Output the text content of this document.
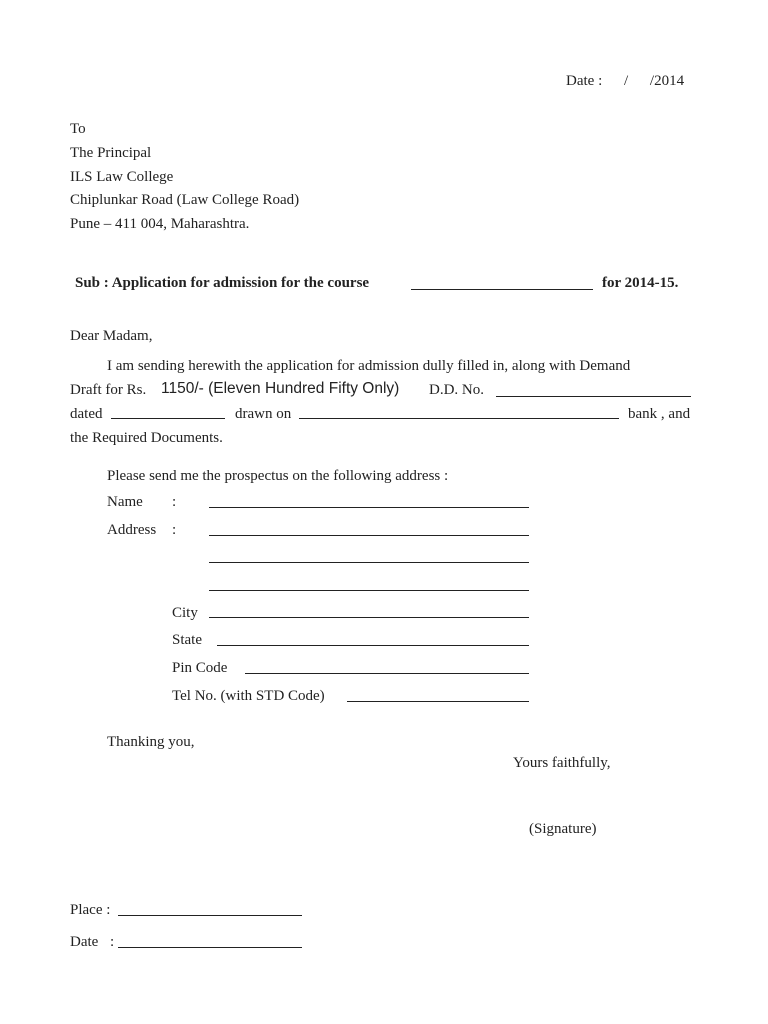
Date : / /2014
To
The Principal
ILS Law College
Chiplunkar Road (Law College Road)
Pune – 411 004, Maharashtra.
Sub : Application for admission for the course	for 2014-15.
Dear Madam,
I am sending herewith the application for admission dully filled in, along with Demand
Draft for Rs. 1150/- (Eleven Hundred Fifty Only) D.D. No.
dated	drawn on	bank , and
the Required Documents.
Please send me the prospectus on the following address :
Name :
Address :
City
State
Pin Code
Tel No. (with STD Code)
Thanking you,
Yours faithfully,
(Signature)
Place :
Date :
